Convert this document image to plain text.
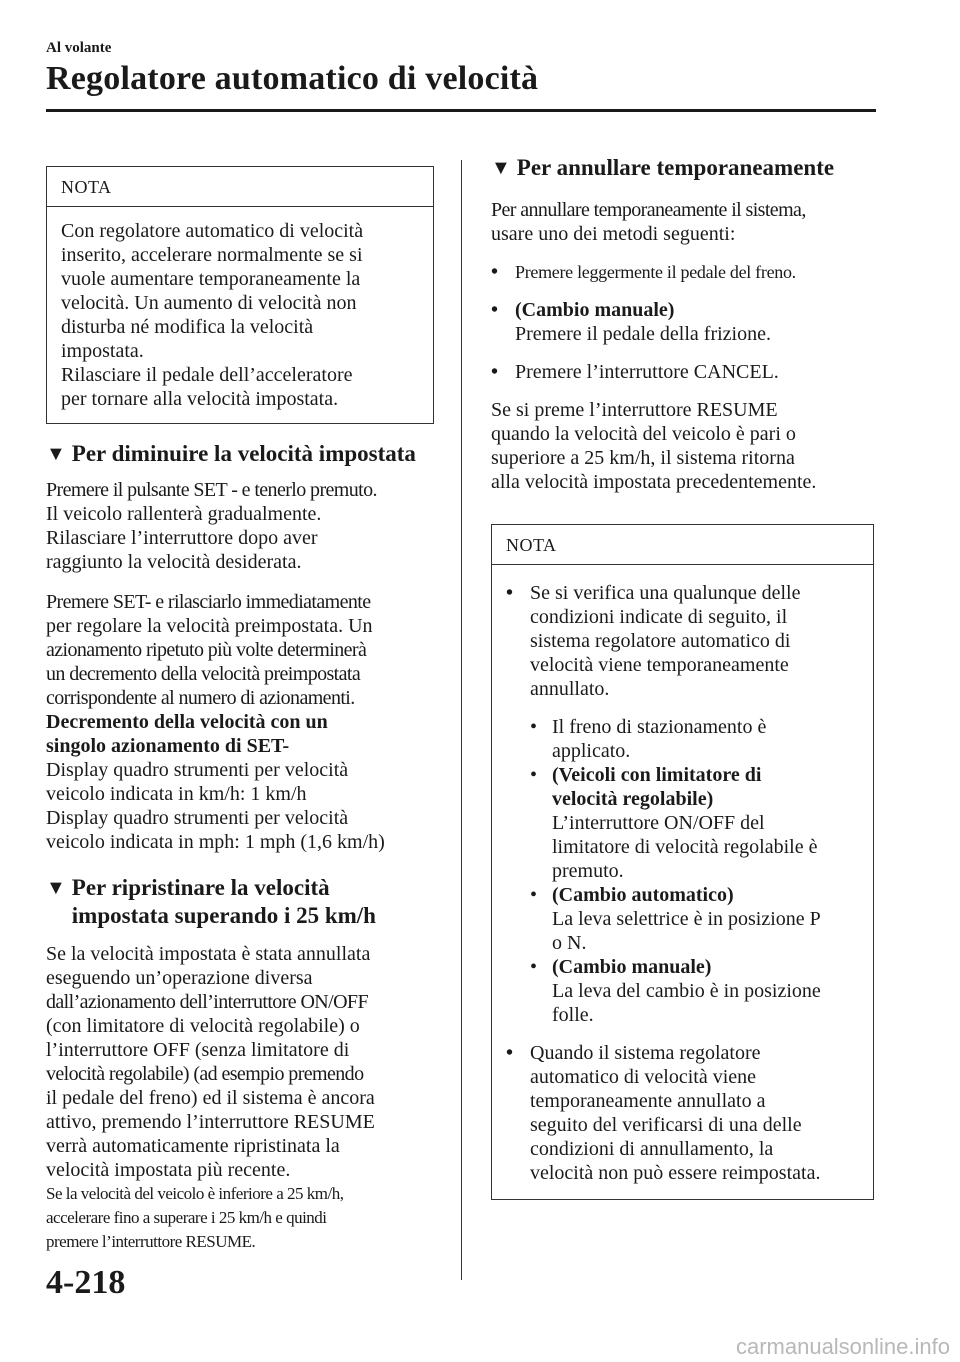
Al volante
Regolatore automatico di velocità
NOTA
Con regolatore automatico di velocità
inserito, accelerare normalmente se si
vuole aumentare temporaneamente la
velocità. Un aumento di velocità non
disturba né modifica la velocità
impostata.
Rilasciare il pedale dell’acceleratore
per tornare alla velocità impostata.
▼ Per diminuire la velocità impostata

Premere il pulsante SET - e tenerlo premuto.

Il veicolo rallenterà gradualmente.

Rilasciare l’interruttore dopo aver

raggiunto la velocità desiderata.

Premere SET- e rilasciarlo immediatamente

per regolare la velocità preimpostata. Un

azionamento ripetuto più volte determinerà

un decremento della velocità preimpostata

corrispondente al numero di azionamenti.

Decremento della velocità con un

singolo azionamento di SET-

Display quadro strumenti per velocità

veicolo indicata in km/h: 1 km/h

Display quadro strumenti per velocità

veicolo indicata in mph: 1 mph (1,6 km/h)

▼ Per ripristinare la velocità
impostata superando i 25 km/h

Se la velocità impostata è stata annullata

eseguendo un’operazione diversa

dall’azionamento dell’interruttore ON/OFF

(con limitatore di velocità regolabile) o

l’interruttore OFF (senza limitatore di

velocità regolabile) (ad esempio premendo

il pedale del freno) ed il sistema è ancora

attivo, premendo l’interruttore RESUME

verrà automaticamente ripristinata la

velocità impostata più recente.

Se la velocità del veicolo è inferiore a 25 km/h,

accelerare fino a superare i 25 km/h e quindi

premere l’interruttore RESUME.

▼ Per annullare temporaneamente

Per annullare temporaneamente il sistema,

usare uno dei metodi seguenti:

• Premere leggermente il pedale del freno.
• (Cambio manuale)
Premere il pedale della frizione.
• Premere l’interruttore CANCEL.

Se si preme l’interruttore RESUME

quando la velocità del veicolo è pari o

superiore a 25 km/h, il sistema ritorna

alla velocità impostata precedentemente.

NOTA
• Se si verifica una qualunque delle
condizioni indicate di seguito, il
sistema regolatore automatico di
velocità viene temporaneamente
annullato.
• Il freno di stazionamento è
applicato.
• (Veicoli con limitatore di
velocità regolabile)
L’interruttore ON/OFF del
limitatore di velocità regolabile è
premuto.
• (Cambio automatico)
La leva selettrice è in posizione P
o N.
• (Cambio manuale)
La leva del cambio è in posizione
folle.
• Quando il sistema regolatore
automatico di velocità viene
temporaneamente annullato a
seguito del verificarsi di una delle
condizioni di annullamento, la
velocità non può essere reimpostata.
4-218
carmanualsonline.info
